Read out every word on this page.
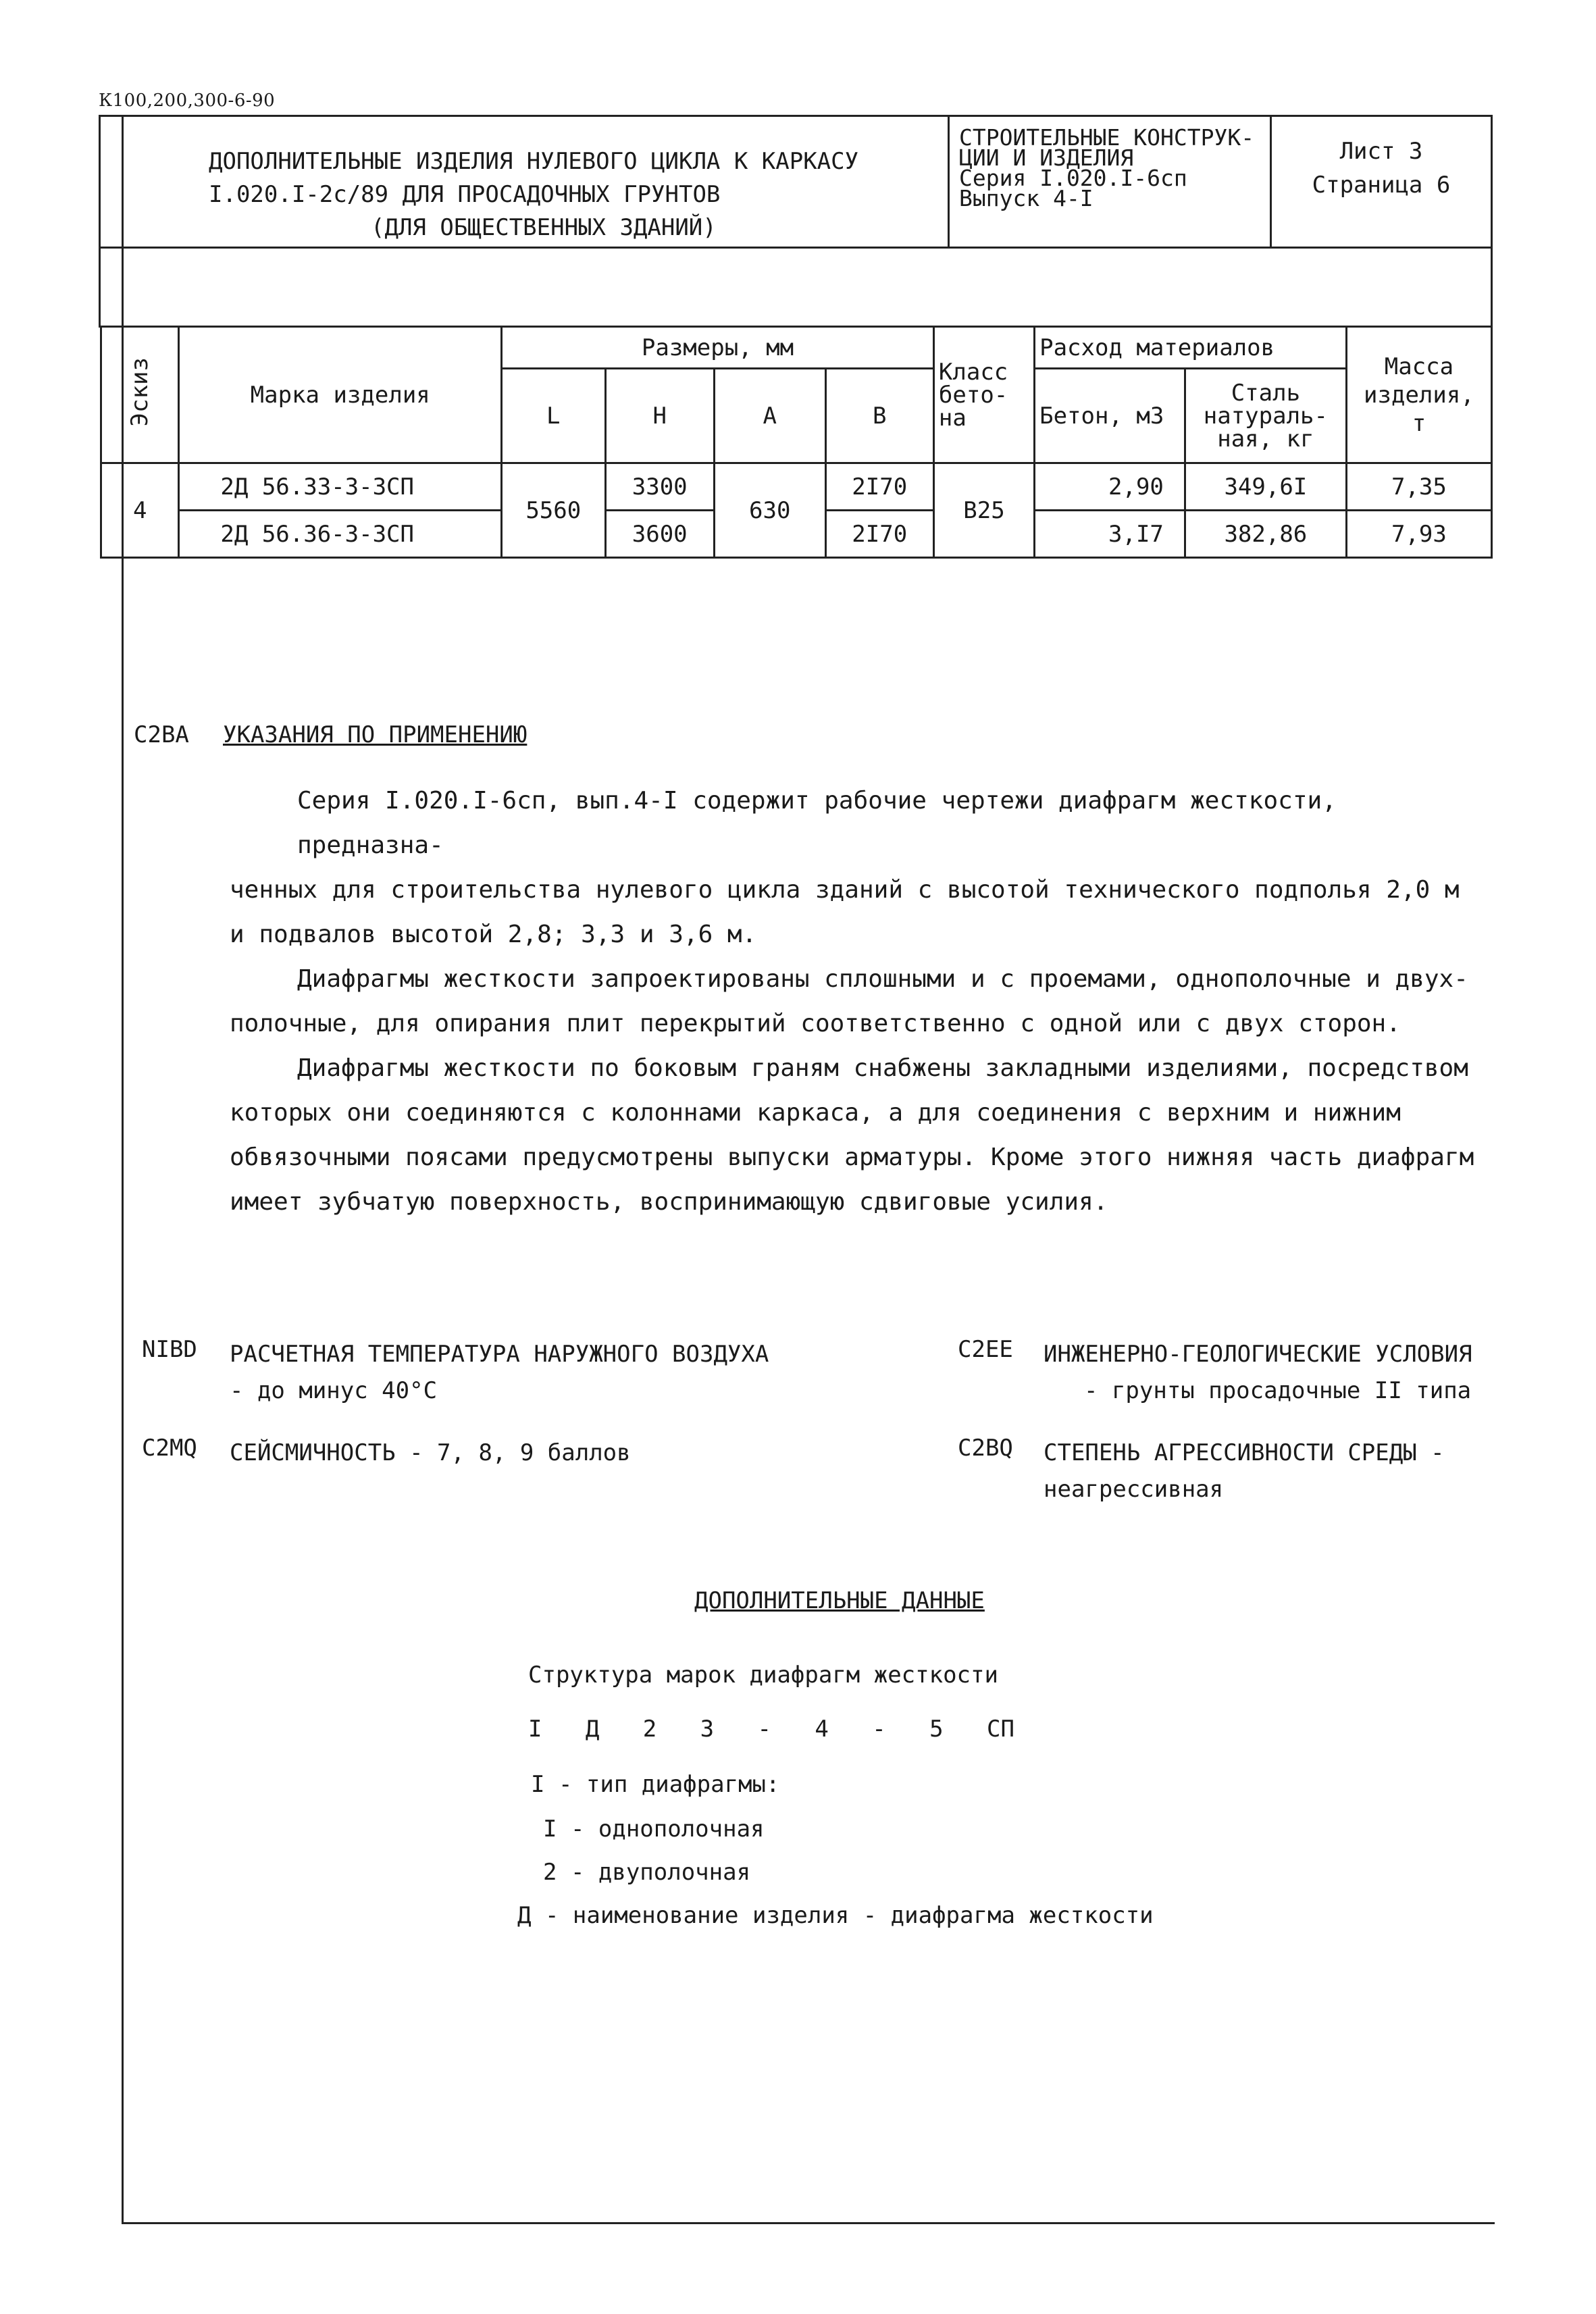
К100,200,300-6-90
ДОПОЛНИТЕЛЬНЫЕ ИЗДЕЛИЯ НУЛЕВОГО ЦИКЛА К КАРКАСУ
І.020.І-2с/89 ДЛЯ ПРОСАДОЧНЫХ ГРУНТОВ
(ДЛЯ ОБЩЕСТВЕННЫХ ЗДАНИЙ)
СТРОИТЕЛЬНЫЕ КОНСТРУК-
ЦИИ И ИЗДЕЛИЯ
Серия І.020.І-6сп
Выпуск 4-І
Лист 3
Страница 6
Эскиз	Марка изделия	Размеры, мм				Класс бето- на	Расход материалов		Масса изделия, т
		L	H	A	B		Бетон, м3	Сталь натураль- ная, кг	
4	2Д 56.33-3-3СП	5560	3300	630	2І70	В25	2,90	349,6І	7,35
	2Д 56.36-3-3СП		3600		2І70		3,І7	382,86	7,93
С2ВА УКАЗАНИЯ ПО ПРИМЕНЕНИЮ
Серия І.020.І-6сп, вып.4-І содержит рабочие чертежи диафрагм жесткости, предназна-
ченных для строительства нулевого цикла зданий с высотой технического подполья 2,0 м
и подвалов высотой 2,8; 3,3 и 3,6 м.
Диафрагмы жесткости запроектированы сплошными и с проемами, однополочные и двух-
полочные, для опирания плит перекрытий соответственно с одной или с двух сторон.
Диафрагмы жесткости по боковым граням снабжены закладными изделиями, посредством
которых они соединяются с колоннами каркаса, а для соединения с верхним и нижним
обвязочными поясами предусмотрены выпуски арматуры. Кроме этого нижняя часть диафрагм
имеет зубчатую поверхность, воспринимающую сдвиговые усилия.
NІВD РАСЧЕТНАЯ ТЕМПЕРАТУРА НАРУЖНОГО ВОЗДУХА
- до минус 40°С
С2ЕЕ ИНЖЕНЕРНО-ГЕОЛОГИЧЕСКИЕ УСЛОВИЯ
- грунты просадочные ІІ типа
С2МQ СЕЙСМИЧНОСТЬ - 7, 8, 9 баллов	С2ВQ СТЕПЕНЬ АГРЕССИВНОСТИ СРЕДЫ -
неагрессивная
ДОПОЛНИТЕЛЬНЫЕ ДАННЫЕ
Структура марок диафрагм жесткости
І Д 2 3 - 4 - 5 СП
І - тип диафрагмы:
І - однополочная
2 - двуполочная
Д - наименование изделия - диафрагма жесткости
